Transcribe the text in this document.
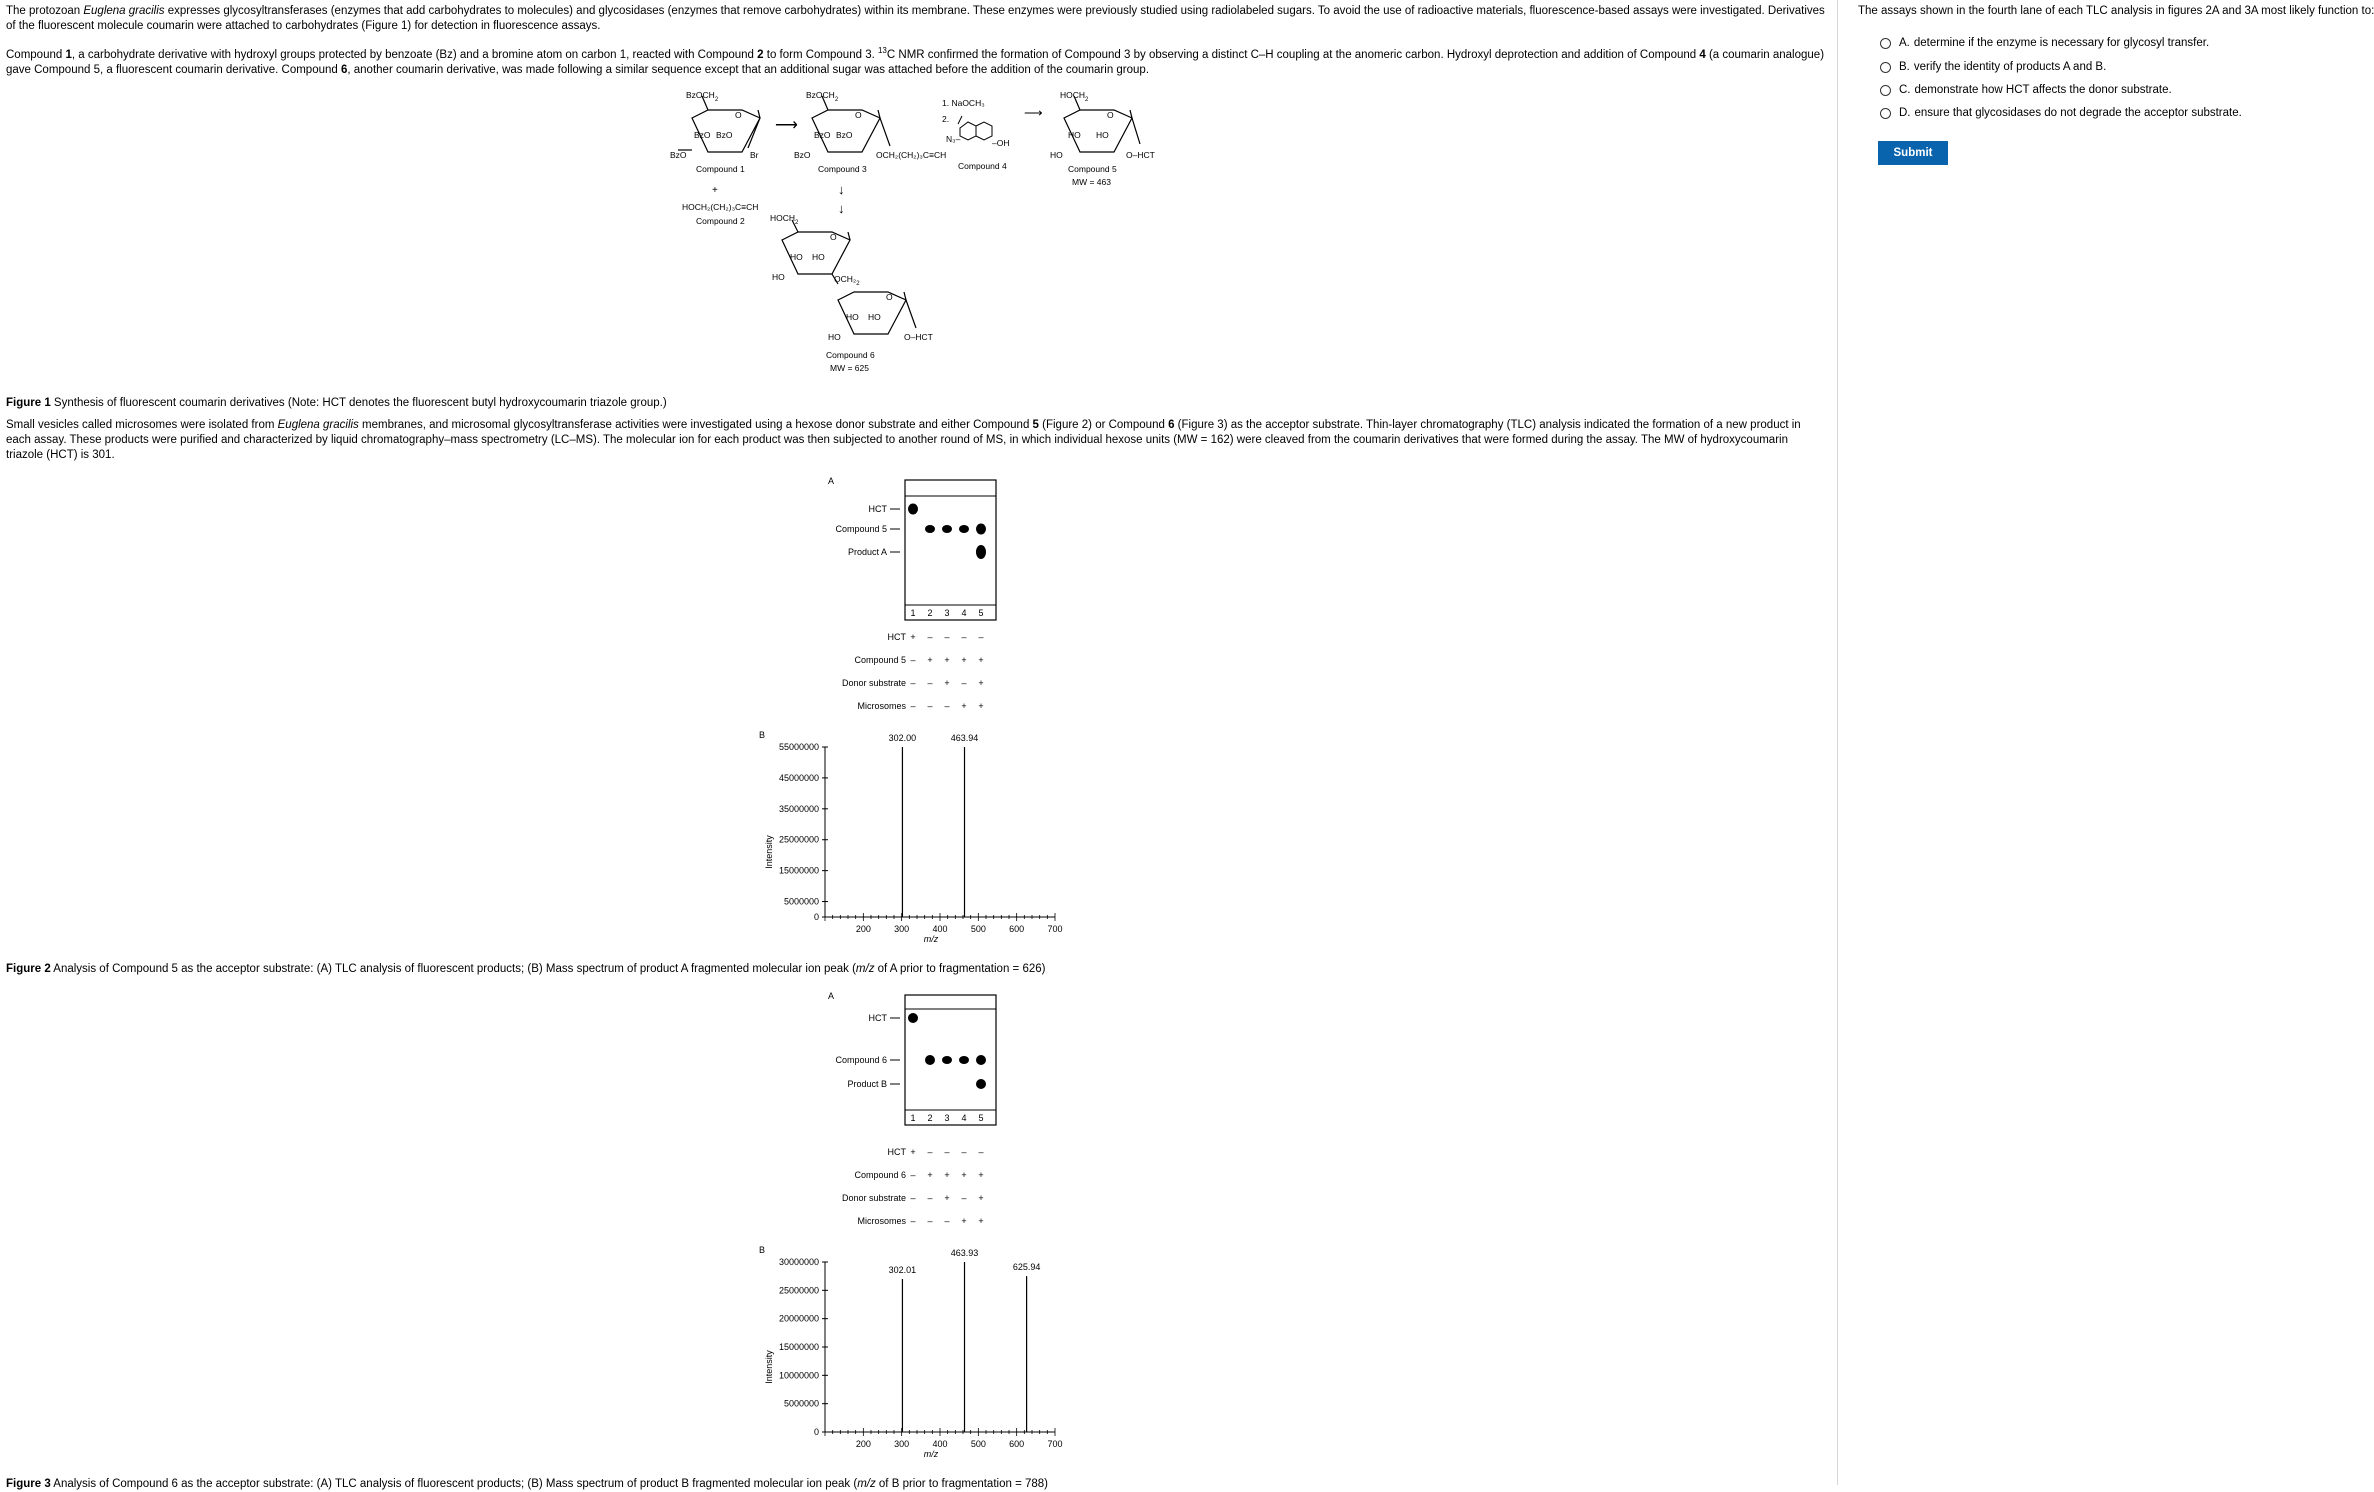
The protozoan Euglena gracilis expresses glycosyltransferases (enzymes that add carbohydrates to molecules) and glycosidases (enzymes that remove carbohydrates) within its membrane. These enzymes were previously studied using radiolabeled sugars. To avoid the use of radioactive materials, fluorescence-based assays were investigated. Derivatives of the fluorescent molecule coumarin were attached to carbohydrates (Figure 1) for detection in fluorescence assays.

Compound 1, a carbohydrate derivative with hydroxyl groups protected by benzoate (Bz) and a bromine atom on carbon 1, reacted with Compound 2 to form Compound 3. $^{13}$C NMR confirmed the formation of Compound 3 by observing a distinct C–H coupling at the anomeric carbon. Hydroxyl deprotection and addition of Compound 4 (a coumarin analogue) gave Compound 5, a fluorescent coumarin derivative. Compound 6, another coumarin derivative, was made following a similar sequence except that an additional sugar was attached before the addition of the coumarin group.

BzOCH$_2$
O
BzO BzO
BzO	Br
Compound 1
+
HOCH₂(CH₂)₃C≡CH
Compound 2
⟶
BzOCH$_2$
O
BzO BzO
BzO	OCH₂(CH₂)₃C≡CH
Compound 3
↓
↓
1. NaOCH₃
⟶
2.
N₃–	–OH
Compound 4
$HOCH_2$
O
HO HO
HO	O–HCT
Compound 5
MW = 463
$HOCH_2$
O
HO HO
HO	$OCH_2_2$
O
HO HO
HO	O–HCT
Compound 6
MW = 625

Figure 1 Synthesis of fluorescent coumarin derivatives (Note: HCT denotes the fluorescent butyl hydroxycoumarin triazole group.)

Small vesicles called microsomes were isolated from Euglena gracilis membranes, and microsomal glycosyltransferase activities were investigated using a hexose donor substrate and either Compound 5 (Figure 2) or Compound 6 (Figure 3) as the acceptor substrate. Thin-layer chromatography (TLC) analysis indicated the formation of a new product in each assay. These products were purified and characterized by liquid chromatography–mass spectrometry (LC–MS). The molecular ion for each product was then subjected to another round of MS, in which individual hexose units (MW = 162) were cleaved from the coumarin derivatives that were formed during the assay. The MW of hydroxycoumarin triazole (HCT) is 301.

A
HCT
Compound 5
Product A
1 2 3 4 5
HCT + – – – –
Compound 5 – + + + +
Donor substrate – – + – +
Microsomes – – – + +
B
Intensity
m/z
55000000
45000000
35000000
25000000
15000000
5000000
0
200	300	400	500	600	700
302.00	463.94

Figure 2 Analysis of Compound 5 as the acceptor substrate: (A) TLC analysis of fluorescent products; (B) Mass spectrum of product A fragmented molecular ion peak (m/z of A prior to fragmentation = 626)

A
HCT
Compound 6
Product B
1 2 3 4 5
HCT + – – – –
Compound 6 – + + + +
Donor substrate – – + – +
Microsomes – – – + +
B
Intensity
m/z
30000000
25000000
20000000
15000000
10000000
5000000
0
200	300	400	500	600	700
302.01
463.93
625.94

Figure 3 Analysis of Compound 6 as the acceptor substrate: (A) TLC analysis of fluorescent products; (B) Mass spectrum of product B fragmented molecular ion peak (m/z of B prior to fragmentation = 788)

The assays shown in the fourth lane of each TLC analysis in figures 2A and 3A most likely function to:

A. determine if the enzyme is necessary for glycosyl transfer.
B. verify the identity of products A and B.
C. demonstrate how HCT affects the donor substrate.
D. ensure that glycosidases do not degrade the acceptor substrate.
Submit
